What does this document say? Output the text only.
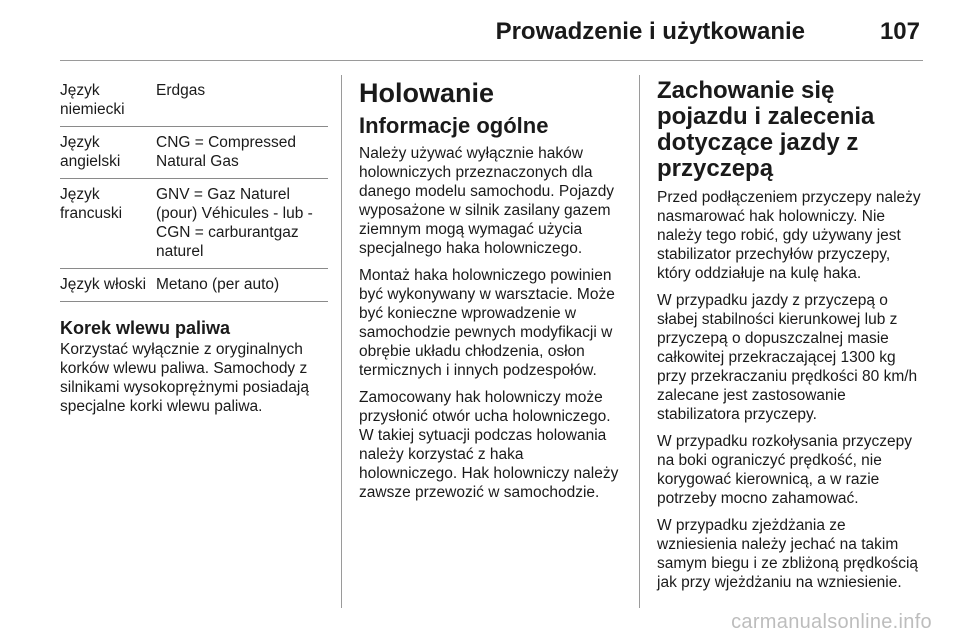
Prowadzenie i użytkowanie	107
Język niemiecki
Erdgas
Język angielski
CNG = Compressed Natural Gas
Język francuski
GNV = Gaz Naturel (pour) Véhicules - lub - CGN = carburantgaz naturel
Język włoski Metano (per auto)
Korek wlewu paliwa

Korzystać wyłącznie z oryginalnych korków wlewu paliwa. Samochody z silnikami wysokoprężnymi posiadają specjalne korki wlewu paliwa.

Holowanie
Informacje ogólne

Należy używać wyłącznie haków holowniczych przeznaczonych dla danego modelu samochodu. Pojazdy wyposażone w silnik zasilany gazem ziemnym mogą wymagać użycia specjalnego haka holowniczego.

Montaż haka holowniczego powinien być wykonywany w warsztacie. Może być konieczne wprowadzenie w samochodzie pewnych modyfikacji w obrębie układu chłodzenia, osłon termicznych i innych podzespołów.

Zamocowany hak holowniczy może przysłonić otwór ucha holowniczego. W takiej sytuacji podczas holowania należy korzystać z haka holowniczego. Hak holowniczy należy zawsze przewozić w samochodzie.

Zachowanie się pojazdu i zalecenia dotyczące jazdy z przyczepą

Przed podłączeniem przyczepy należy nasmarować hak holowniczy. Nie należy tego robić, gdy używany jest stabilizator przechyłów przyczepy, który oddziałuje na kulę haka.

W przypadku jazdy z przyczepą o słabej stabilności kierunkowej lub z przyczepą o dopuszczalnej masie całkowitej przekraczającej 1300 kg przy przekraczaniu prędkości 80 km/h zalecane jest zastosowanie stabilizatora przyczepy.

W przypadku rozkołysania przyczepy na boki ograniczyć prędkość, nie korygować kierownicą, a w razie potrzeby mocno zahamować.

W przypadku zjeżdżania ze wzniesienia należy jechać na takim samym biegu i ze zbliżoną prędkością jak przy wjeżdżaniu na wzniesienie.

carmanualsonline.info
